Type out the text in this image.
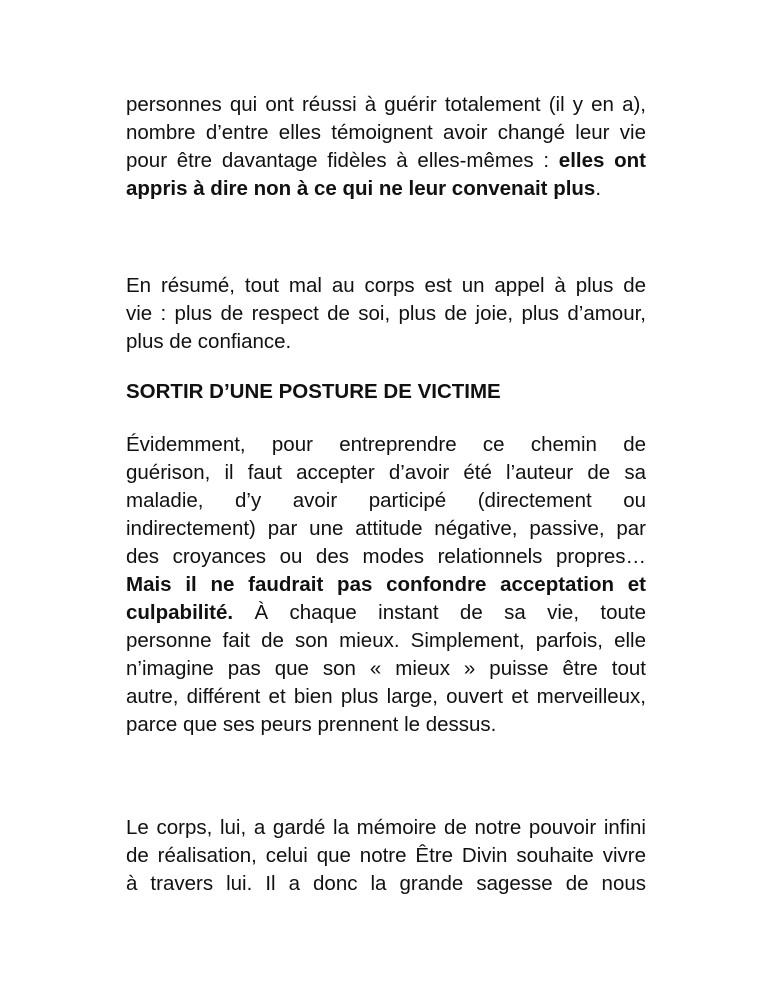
personnes qui ont réussi à guérir totalement (il y en a),
nombre d’entre elles témoignent avoir changé leur vie
pour être davantage fidèles à elles-mêmes : elles ont
appris à dire non à ce qui ne leur convenait plus.
En résumé, tout mal au corps est un appel à plus de
vie : plus de respect de soi, plus de joie, plus d’amour,
plus de confiance.
SORTIR D’UNE POSTURE DE VICTIME
Évidemment, pour entreprendre ce chemin de
guérison, il faut accepter d’avoir été l’auteur de sa
maladie, d’y avoir participé (directement ou
indirectement) par une attitude négative, passive, par
des croyances ou des modes relationnels propres…
Mais il ne faudrait pas confondre acceptation et
culpabilité. À chaque instant de sa vie, toute
personne fait de son mieux. Simplement, parfois, elle
n’imagine pas que son « mieux » puisse être tout
autre, différent et bien plus large, ouvert et merveilleux,
parce que ses peurs prennent le dessus.
Le corps, lui, a gardé la mémoire de notre pouvoir infini
de réalisation, celui que notre Être Divin souhaite vivre
à travers lui. Il a donc la grande sagesse de nous
